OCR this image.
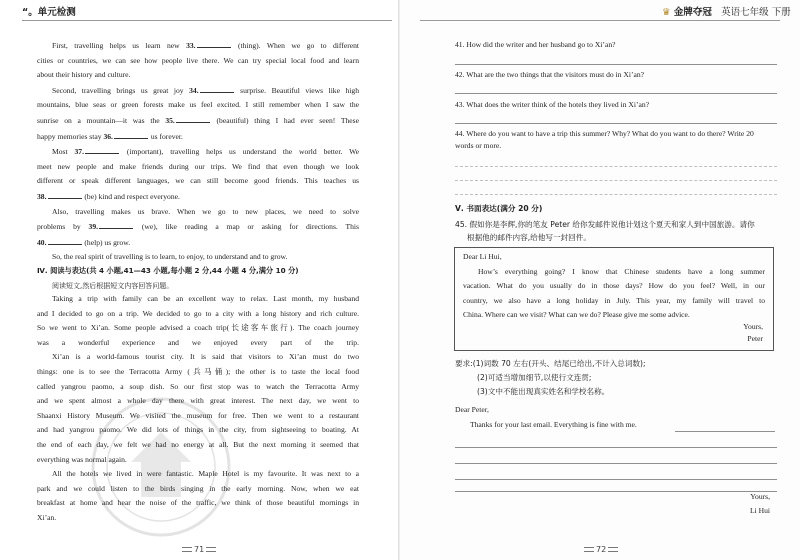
“。单元检测
First, travelling helps us learn new 33.	(thing). When we go to different
cities or countries, we can see how people live there. We can try special local food and learn
about their history and culture.
Second, travelling brings us great joy 34.	surprise. Beautiful views like high
mountains, blue seas or green forests make us feel excited. I still remember when I saw the
sunrise on a mountain—it was the 35.	(beautiful) thing I had ever seen! These
happy memories stay 36.	us forever.
Most 37.	(important), travelling helps us understand the world better. We
meet new people and make friends during our trips. We find that even though we look
different or speak different languages, we can still become good friends. This teaches us
38.	(be) kind and respect everyone.
Also, travelling makes us brave. When we go to new places, we need to solve
problems by 39.	(we), like reading a map or asking for directions. This
40.	(help) us grow.
So, the real spirit of travelling is to learn, to enjoy, to understand and to grow.
Ⅳ. 阅读与表达(共 4 小题,41—43 小题,每小题 2 分,44 小题 4 分,满分 10 分)
阅读短文,然后根据短文内容回答问题。
Taking a trip with family can be an excellent way to relax. Last month, my husband
and I decided to go on a trip. We decided to go to a city with a long history and rich culture.
So we went to Xi’an. Some people advised a coach trip(长途客车旅行). The coach journey
was a wonderful experience and we enjoyed every part of the trip.
Xi’an is a world-famous tourist city. It is said that visitors to Xi’an must do two
things: one is to see the Terracotta Army (兵马俑); the other is to taste the local food
called yangrou paomo, a soup dish. So our first stop was to watch the Terracotta Army
and we spent almost a whole day there with great interest. The next day, we went to
Shaanxi History Museum. We visited the museum for free. Then we went to a restaurant
and had yangrou paomo. We did lots of things in the city, from sightseeing to boating. At
the end of each day, we felt we had no energy at all. But the next morning it seemed that
everything was normal again.
All the hotels we lived in were fantastic. Maple Hotel is my favourite. It was next to a
park and we could listen to the birds singing in the early morning. Now, when we eat
breakfast at home and hear the noise of the traffic, we think of those beautiful mornings in
Xi’an.
71
♛ 金牌夺冠 英语七年级 下册
41. How did the writer and her husband go to Xi’an?
42. What are the two things that the visitors must do in Xi’an?
43. What does the writer think of the hotels they lived in Xi’an?
44. Where do you want to have a trip this summer? Why? What do you want to do there? Write 20
words or more.
Ⅴ. 书面表达(满分 20 分)
45. 假如你是李辉,你的笔友 Peter 给你发邮件说他计划这个夏天和家人到中国旅游。请你
根据他的邮件内容,给他写一封回件。
Dear Li Hui,
How’s everything going? I know that Chinese students have a long summer
vacation. What do you usually do in those days? How do you feel? Well, in our
country, we also have a long holiday in July. This year, my family will travel to
China. Where can we visit? What can we do? Please give me some advice.
Yours,
Peter
要求:(1)词数 70 左右(开头、结尾已给出,不计入总词数);
(2)可适当增加细节,以使行文连贯;
(3)文中不能出现真实姓名和学校名称。
Dear Peter,
Thanks for your last email. Everything is fine with me.
Yours,
Li Hui
72
